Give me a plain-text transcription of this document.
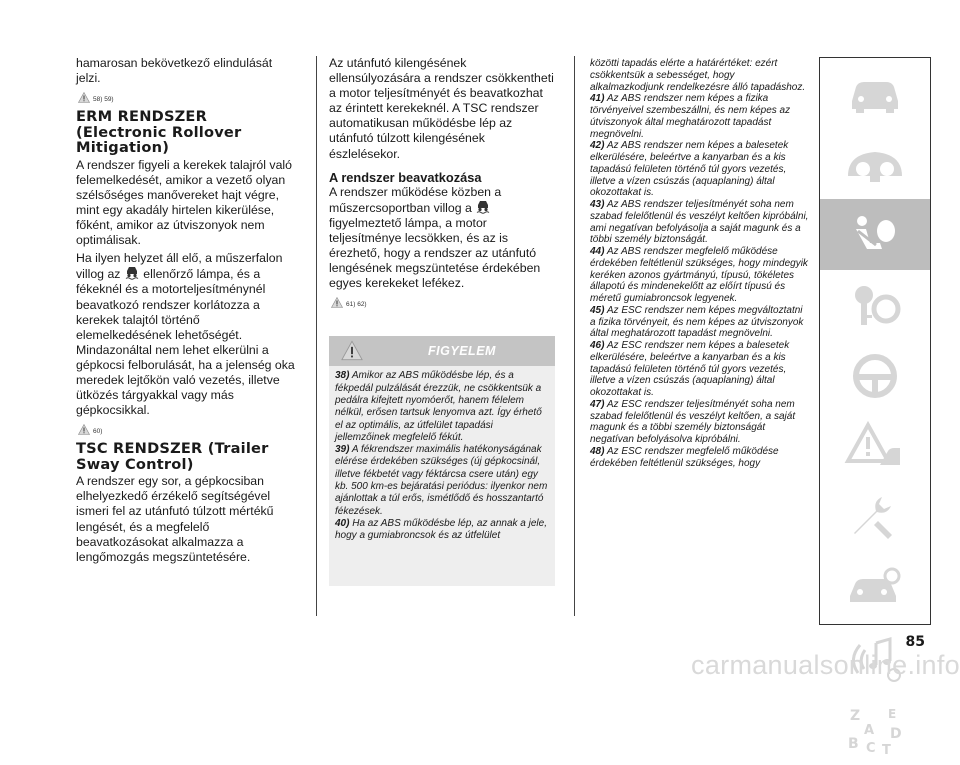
hamarosan bekövetkező elindulását jelzi.

58) 59)
ERM RENDSZER (Electronic Rollover Mitigation)

A rendszer figyeli a kerekek talajról való felemelkedését, amikor a vezető olyan szélsőséges manővereket hajt végre, mint egy akadály hirtelen kikerülése, főként, amikor az útviszonyok nem optimálisak.

Ha ilyen helyzet áll elő, a műszerfalon villog az ellenőrző lámpa, és a fékeknél és a motorteljesítménynél beavatkozó rendszer korlátozza a kerekek talajtól történő elemelkedésének lehetőségét. Mindazonáltal nem lehet elkerülni a gépkocsi felborulását, ha a jelenség oka meredek lejtőkön való vezetés, illetve ütközés tárgyakkal vagy más gépkocsikkal.

60)
TSC RENDSZER (Trailer Sway Control)

A rendszer egy sor, a gépkocsiban elhelyezkedő érzékelő segítségével ismeri fel az utánfutó túlzott mértékű lengését, és a megfelelő beavatkozásokat alkalmazza a lengőmozgás megszüntetésére.

Az utánfutó kilengésének ellensúlyozására a rendszer csökkentheti a motor teljesítményét és beavatkozhat az érintett kerekeknél. A TSC rendszer automatikusan működésbe lép az utánfutó túlzott kilengésének észlelésekor.

A rendszer beavatkozása

A rendszer működése közben a műszercsoportban villog a  figyelmeztető lámpa, a motor teljesítménye lecsökken, és az is érezhető, hogy a rendszer az utánfutó lengésének megszüntetése érdekében egyes kerekeket lefékez.

61) 62)
FIGYELEM

38) Amikor az ABS működésbe lép, és a fékpedál pulzálását érezzük, ne csökkentsük a pedálra kifejtett nyomóerőt, hanem félelem nélkül, erősen tartsuk lenyomva azt. Így érhető el az optimális, az útfelület tapadási jellemzőinek megfelelő fékút.

39) A fékrendszer maximális hatékonyságának elérése érdekében szükséges (új gépkocsinál, illetve fékbetét vagy féktárcsa csere után) egy kb. 500 km-es bejáratási periódus: ilyenkor nem ajánlottak a túl erős, ismétlődő és hosszantartó fékezések.

40) Ha az ABS működésbe lép, az annak a jele, hogy a gumiabroncsok és az útfelület

közötti tapadás elérte a határértéket: ezért csökkentsük a sebességet, hogy alkalmazkodjunk rendelkezésre álló tapadáshoz.

41) Az ABS rendszer nem képes a fizika törvényeivel szembeszállni, és nem képes az útviszonyok által meghatározott tapadást megnövelni.

42) Az ABS rendszer nem képes a balesetek elkerülésére, beleértve a kanyarban és a kis tapadású felületen történő túl gyors vezetés, illetve a vízen csúszás (aquaplaning) által okozottakat is.

43) Az ABS rendszer teljesítményét soha nem szabad felelőtlenül és veszélyt keltően kipróbálni, ami negatívan befolyásolja a saját magunk és a többi személy biztonságát.

44) Az ABS rendszer megfelelő működése érdekében feltétlenül szükséges, hogy mindegyik keréken azonos gyártmányú, típusú, tökéletes állapotú és mindenekelőtt az előírt típusú és méretű gumiabroncsok legyenek.

45) Az ESC rendszer nem képes megváltoztatni a fizika törvényeit, és nem képes az útviszonyok által meghatározott tapadást megnövelni.

46) Az ESC rendszer nem képes a balesetek elkerülésére, beleértve a kanyarban és a kis tapadású felületen történő túl gyors vezetés, illetve a vízen csúszás (aquaplaning) által okozottakat is.

47) Az ESC rendszer teljesítményét soha nem szabad felelőtlenül és veszélyt keltően, a saját magunk és a többi személy biztonságát negatívan befolyásolva kipróbálni.

48) Az ESC rendszer megfelelő működése érdekében feltétlenül szükséges, hogy

Z E
A
B C
D
T
85
carmanualsonline.info
